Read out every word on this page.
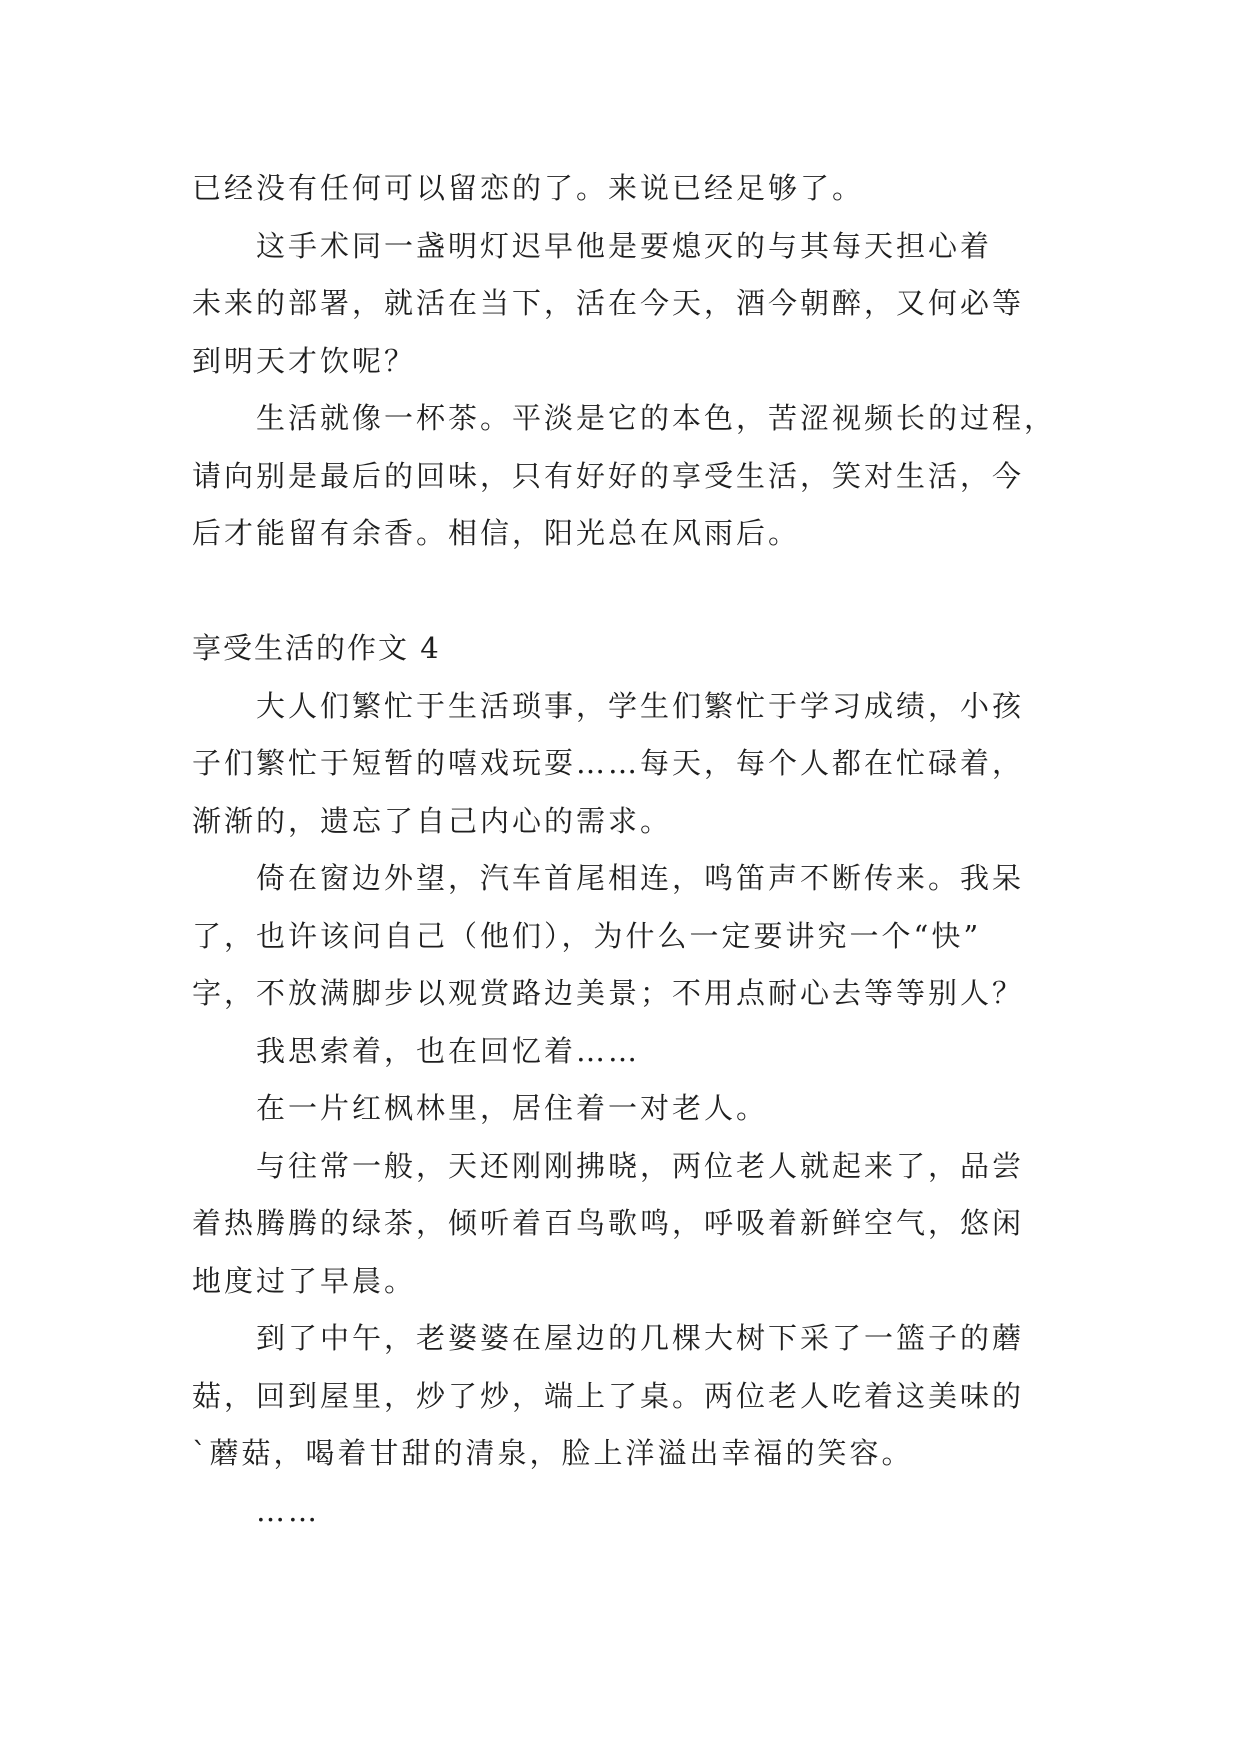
已经没有任何可以留恋的了。来说已经足够了。

这手术同一盏明灯迟早他是要熄灭的与其每天担心着
未来的部署，就活在当下，活在今天，酒今朝醉，又何必等
到明天才饮呢？

生活就像一杯茶。平淡是它的本色，苦涩视频长的过程，
请向别是最后的回味，只有好好的享受生活，笑对生活，今
后才能留有余香。相信，阳光总在风雨后。

享受生活的作文 4

大人们繁忙于生活琐事，学生们繁忙于学习成绩，小孩
子们繁忙于短暂的嘻戏玩耍……每天，每个人都在忙碌着，
渐渐的，遗忘了自己内心的需求。

倚在窗边外望，汽车首尾相连，鸣笛声不断传来。我呆
了，也许该问自己（他们），为什么一定要讲究一个“快”
字，不放满脚步以观赏路边美景；不用点耐心去等等别人？

我思索着，也在回忆着……

在一片红枫林里，居住着一对老人。

与往常一般，天还刚刚拂晓，两位老人就起来了，品尝
着热腾腾的绿茶，倾听着百鸟歌鸣，呼吸着新鲜空气，悠闲
地度过了早晨。

到了中午，老婆婆在屋边的几棵大树下采了一篮子的蘑
菇，回到屋里，炒了炒，端上了桌。两位老人吃着这美味的
`蘑菇，喝着甘甜的清泉，脸上洋溢出幸福的笑容。

……
